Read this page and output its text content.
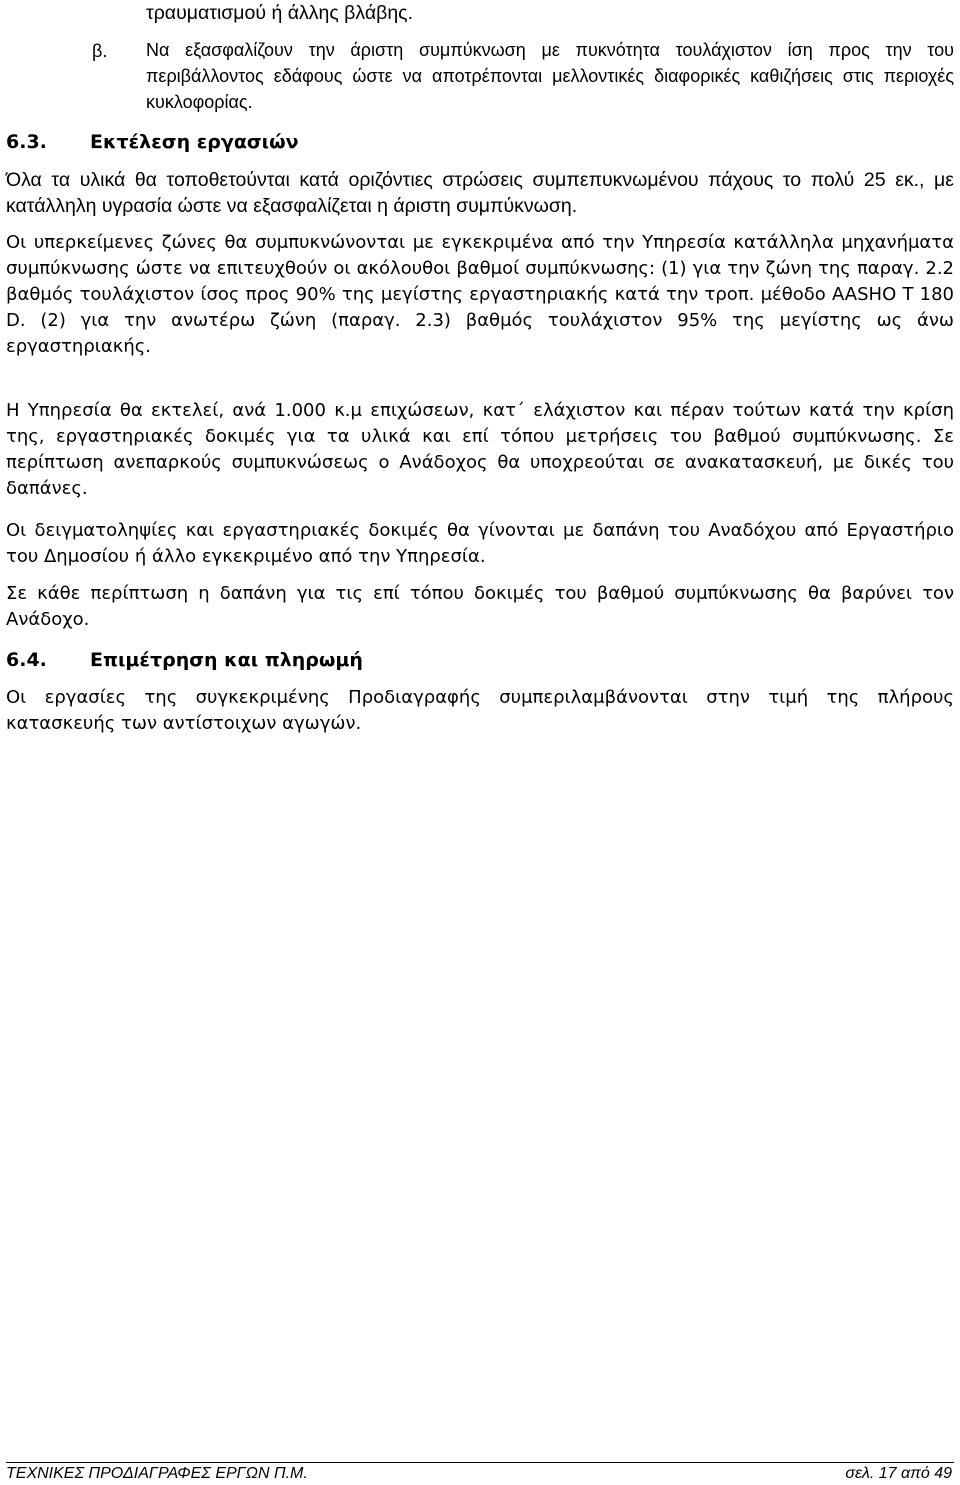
τραυματισμού ή άλλης βλάβης.
β. Να εξασφαλίζουν την άριστη συμπύκνωση με πυκνότητα τουλάχιστον ίση προς την του περιβάλλοντος εδάφους ώστε να αποτρέπονται μελλοντικές διαφορικές καθιζήσεις στις περιοχές κυκλοφορίας.
6.3. Εκτέλεση εργασιών
Όλα τα υλικά θα τοποθετούνται κατά οριζόντιες στρώσεις συμπεπυκνωμένου πάχους το πολύ 25 εκ., με κατάλληλη υγρασία ώστε να εξασφαλίζεται η άριστη συμπύκνωση.
Οι υπερκείμενες ζώνες θα συμπυκνώνονται με εγκεκριμένα από την Υπηρεσία κατάλληλα μηχανήματα συμπύκνωσης ώστε να επιτευχθούν οι ακόλουθοι βαθμοί συμπύκνωσης: (1) για την ζώνη της παραγ. 2.2 βαθμός τουλάχιστον ίσος προς 90% της μεγίστης εργαστηριακής κατά την τροπ. μέθοδο AASHO T 180 D. (2) για την ανωτέρω ζώνη (παραγ. 2.3) βαθμός τουλάχιστον 95% της μεγίστης ως άνω εργαστηριακής.
Η Υπηρεσία θα εκτελεί, ανά 1.000 κ.μ επιχώσεων, κατ΄ ελάχιστον και πέραν τούτων κατά την κρίση της, εργαστηριακές δοκιμές για τα υλικά και επί τόπου μετρήσεις του βαθμού συμπύκνωσης. Σε περίπτωση ανεπαρκούς συμπυκνώσεως ο Ανάδοχος θα υποχρεούται σε ανακατασκευή, με δικές του δαπάνες.
Οι δειγματοληψίες και εργαστηριακές δοκιμές θα γίνονται με δαπάνη του Αναδόχου από Εργαστήριο του Δημοσίου ή άλλο εγκεκριμένο από την Υπηρεσία.
Σε κάθε περίπτωση η δαπάνη για τις επί τόπου δοκιμές του βαθμού συμπύκνωσης θα βαρύνει τον Ανάδοχο.
6.4. Επιμέτρηση και πληρωμή
Οι εργασίες της συγκεκριμένης Προδιαγραφής συμπεριλαμβάνονται στην τιμή της πλήρους κατασκευής των αντίστοιχων αγωγών.
ΤΕΧΝΙΚΕΣ ΠΡΟΔΙΑΓΡΑΦΕΣ ΕΡΓΩΝ Π.Μ.	σελ. 17 από 49
